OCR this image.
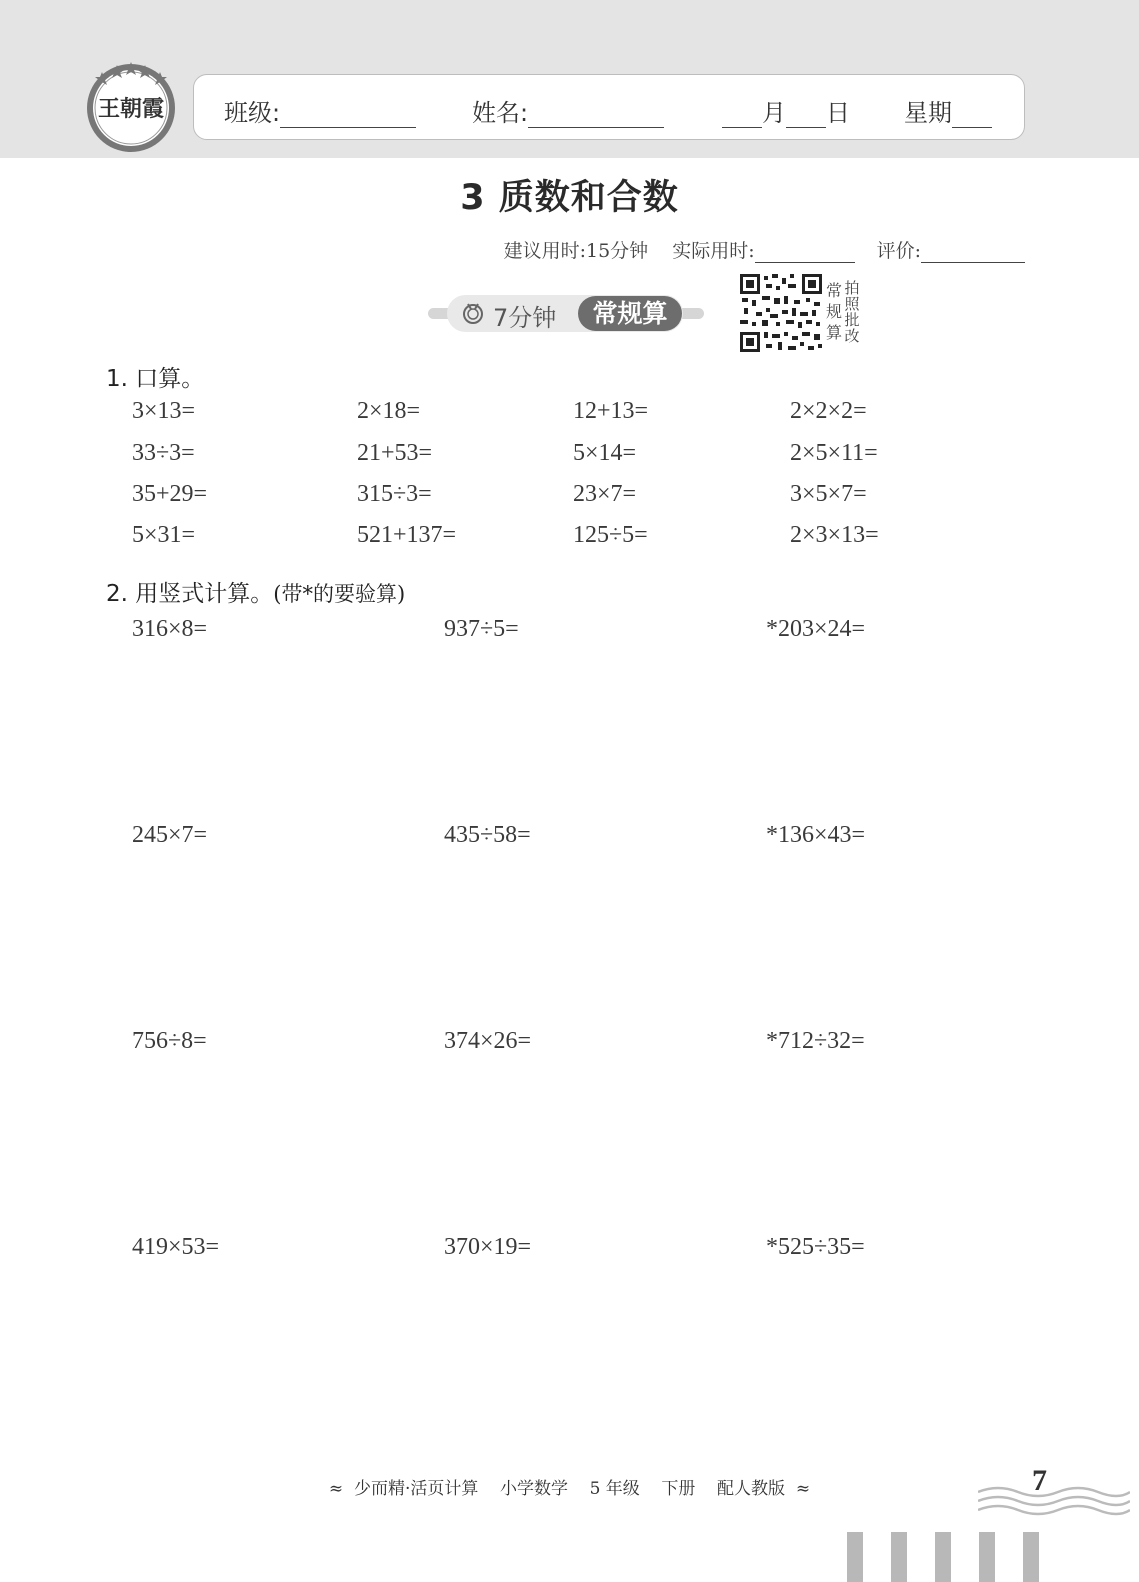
王朝霞 班级:	姓名:	月 日 星期
3 质数和合数
建议用时:15分钟 实际用时:	评价:
7分钟	常规算
常
规
算
拍
照
批
改
1. 口算。
3×13=	2×18=	12+13=	2×2×2=
33÷3=	21+53=	5×14=	2×5×11=
35+29=	315÷3=	23×7=	3×5×7=
5×31=	521+137=	125÷5=	2×3×13=
2. 用竖式计算。(带*的要验算)
316×8=	937÷5=	*203×24=
245×7=	435÷58=	*136×43=
756÷8=	374×26=	*712÷32=
419×53=	370×19=	*525÷35=
≈  少而精·活页计算    小学数学    5 年级    下册    配人教版  ≈	7
